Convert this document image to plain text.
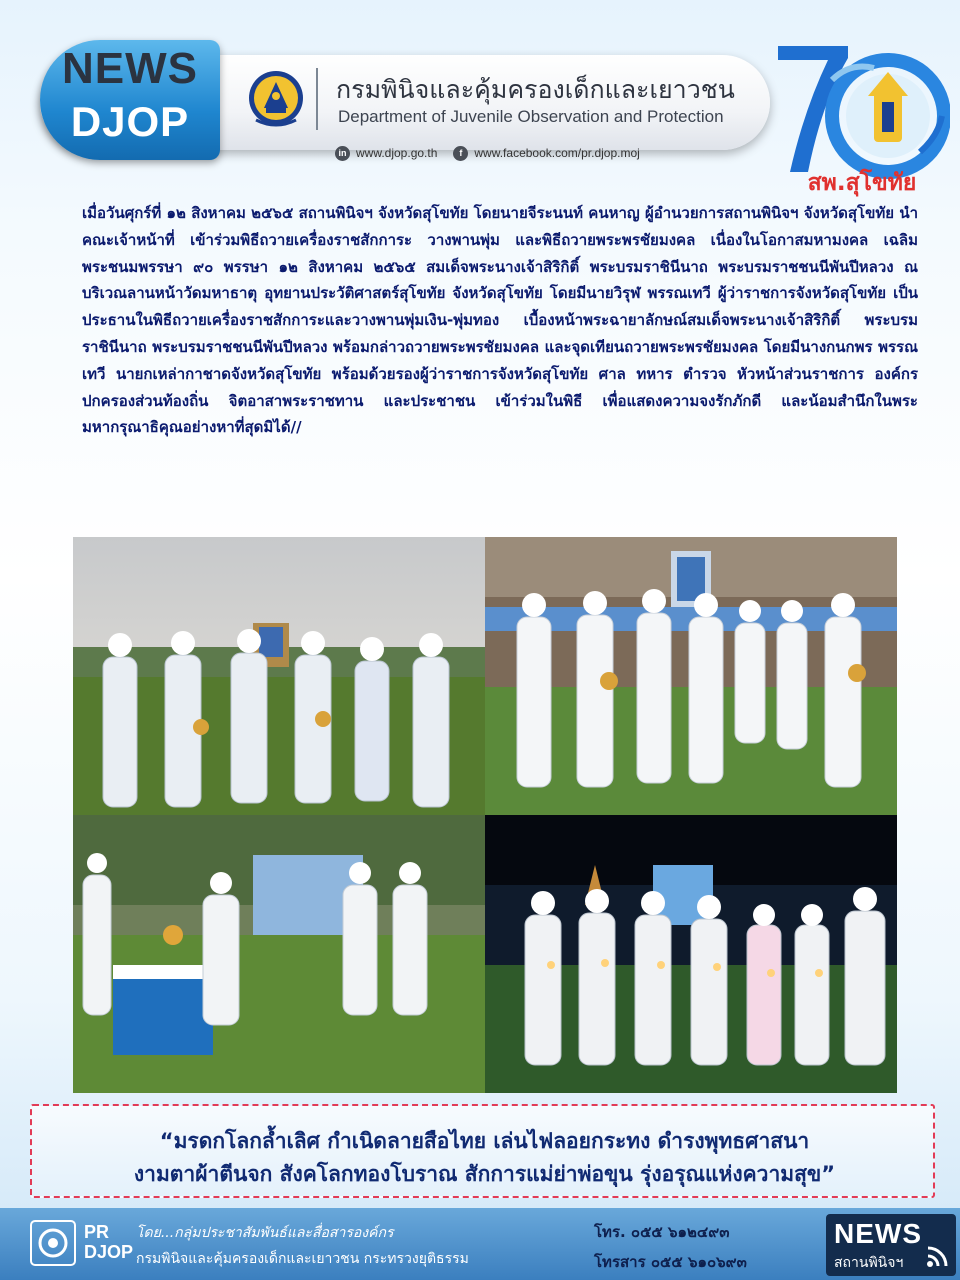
NEWS
DJOP
กรมพินิจและคุ้มครองเด็กและเยาวชน
Department of Juvenile Observation and Protection
in www.djop.go.th	f	www.facebook.com/pr.djop.moj
สพ.สุโขทัย
เมื่อวันศุกร์ที่ ๑๒ สิงหาคม ๒๕๖๕ สถานพินิจฯ จังหวัดสุโขทัย โดยนายจีระนนท์ คนหาญ ผู้อำนวยการสถานพินิจฯ จังหวัดสุโขทัย นำคณะเจ้าหน้าที่ เข้าร่วมพิธีถวายเครื่องราชสักการะ วางพานพุ่ม และพิธีถวายพระพรชัยมงคล เนื่องในโอกาสมหามงคล เฉลิมพระชนมพรรษา ๙๐ พรรษา ๑๒ สิงหาคม ๒๕๖๕ สมเด็จพระนางเจ้าสิริกิติ์ พระบรมราชินีนาถ พระบรมราชชนนีพันปีหลวง ณ บริเวณลานหน้าวัดมหาธาตุ อุทยานประวัติศาสตร์สุโขทัย จังหวัดสุโขทัย โดยมีนายวิรุฬ พรรณเทวี ผู้ว่าราชการจังหวัดสุโขทัย เป็นประธานในพิธีถวายเครื่องราชสักการะและวางพานพุ่มเงิน-พุ่มทอง เบื้องหน้าพระฉายาลักษณ์สมเด็จพระนางเจ้าสิริกิติ์ พระบรมราชินีนาถ พระบรมราชชนนีพันปีหลวง พร้อมกล่าวถวายพระพรชัยมงคล และจุดเทียนถวายพระพรชัยมงคล โดยมีนางกนกพร พรรณเทวี นายกเหล่ากาชาดจังหวัดสุโขทัย พร้อมด้วยรองผู้ว่าราชการจังหวัดสุโขทัย ศาล ทหาร ตำรวจ หัวหน้าส่วนราชการ องค์กรปกครองส่วนท้องถิ่น จิตอาสาพระราชทาน และประชาชน เข้าร่วมในพิธี เพื่อแสดงความจงรักภักดี และน้อมสำนึกในพระมหากรุณาธิคุณอย่างหาที่สุดมิได้//
“มรดกโลกล้ำเลิศ กำเนิดลายสือไทย เล่นไฟลอยกระทง ดำรงพุทธศาสนา
งามตาผ้าตีนจก สังคโลกทองโบราณ สักการแม่ย่าพ่อขุน รุ่งอรุณแห่งความสุข”
PR
DJOP
โดย...กลุ่มประชาสัมพันธ์และสื่อสารองค์กร
กรมพินิจและคุ้มครองเด็กและเยาวชน กระทรวงยุติธรรม
โทร. ๐๕๕ ๖๑๒๔๙๓
โทรสาร ๐๕๕ ๖๑๐๖๙๓
NEWS
สถานพินิจฯ
